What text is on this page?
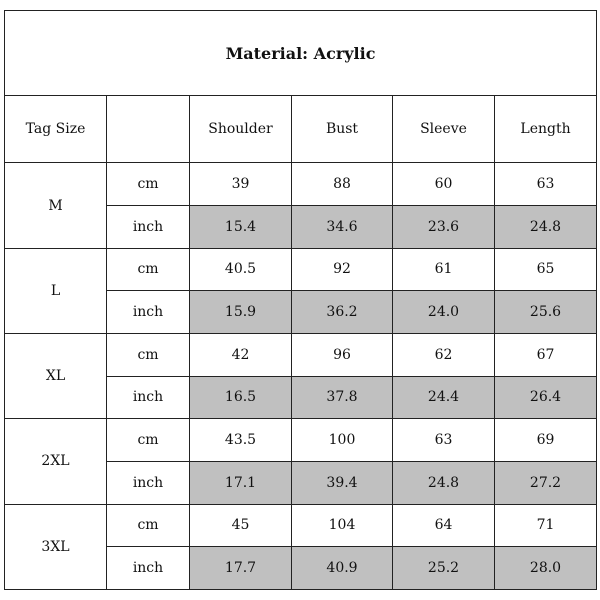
Material: Acrylic					
Tag Size		Shoulder	Bust	Sleeve	Length
M	cm	39	88	60	63
	inch	15.4	34.6	23.6	24.8
L	cm	40.5	92	61	65
	inch	15.9	36.2	24.0	25.6
XL	cm	42	96	62	67
	inch	16.5	37.8	24.4	26.4
2XL	cm	43.5	100	63	69
	inch	17.1	39.4	24.8	27.2
3XL	cm	45	104	64	71
	inch	17.7	40.9	25.2	28.0
